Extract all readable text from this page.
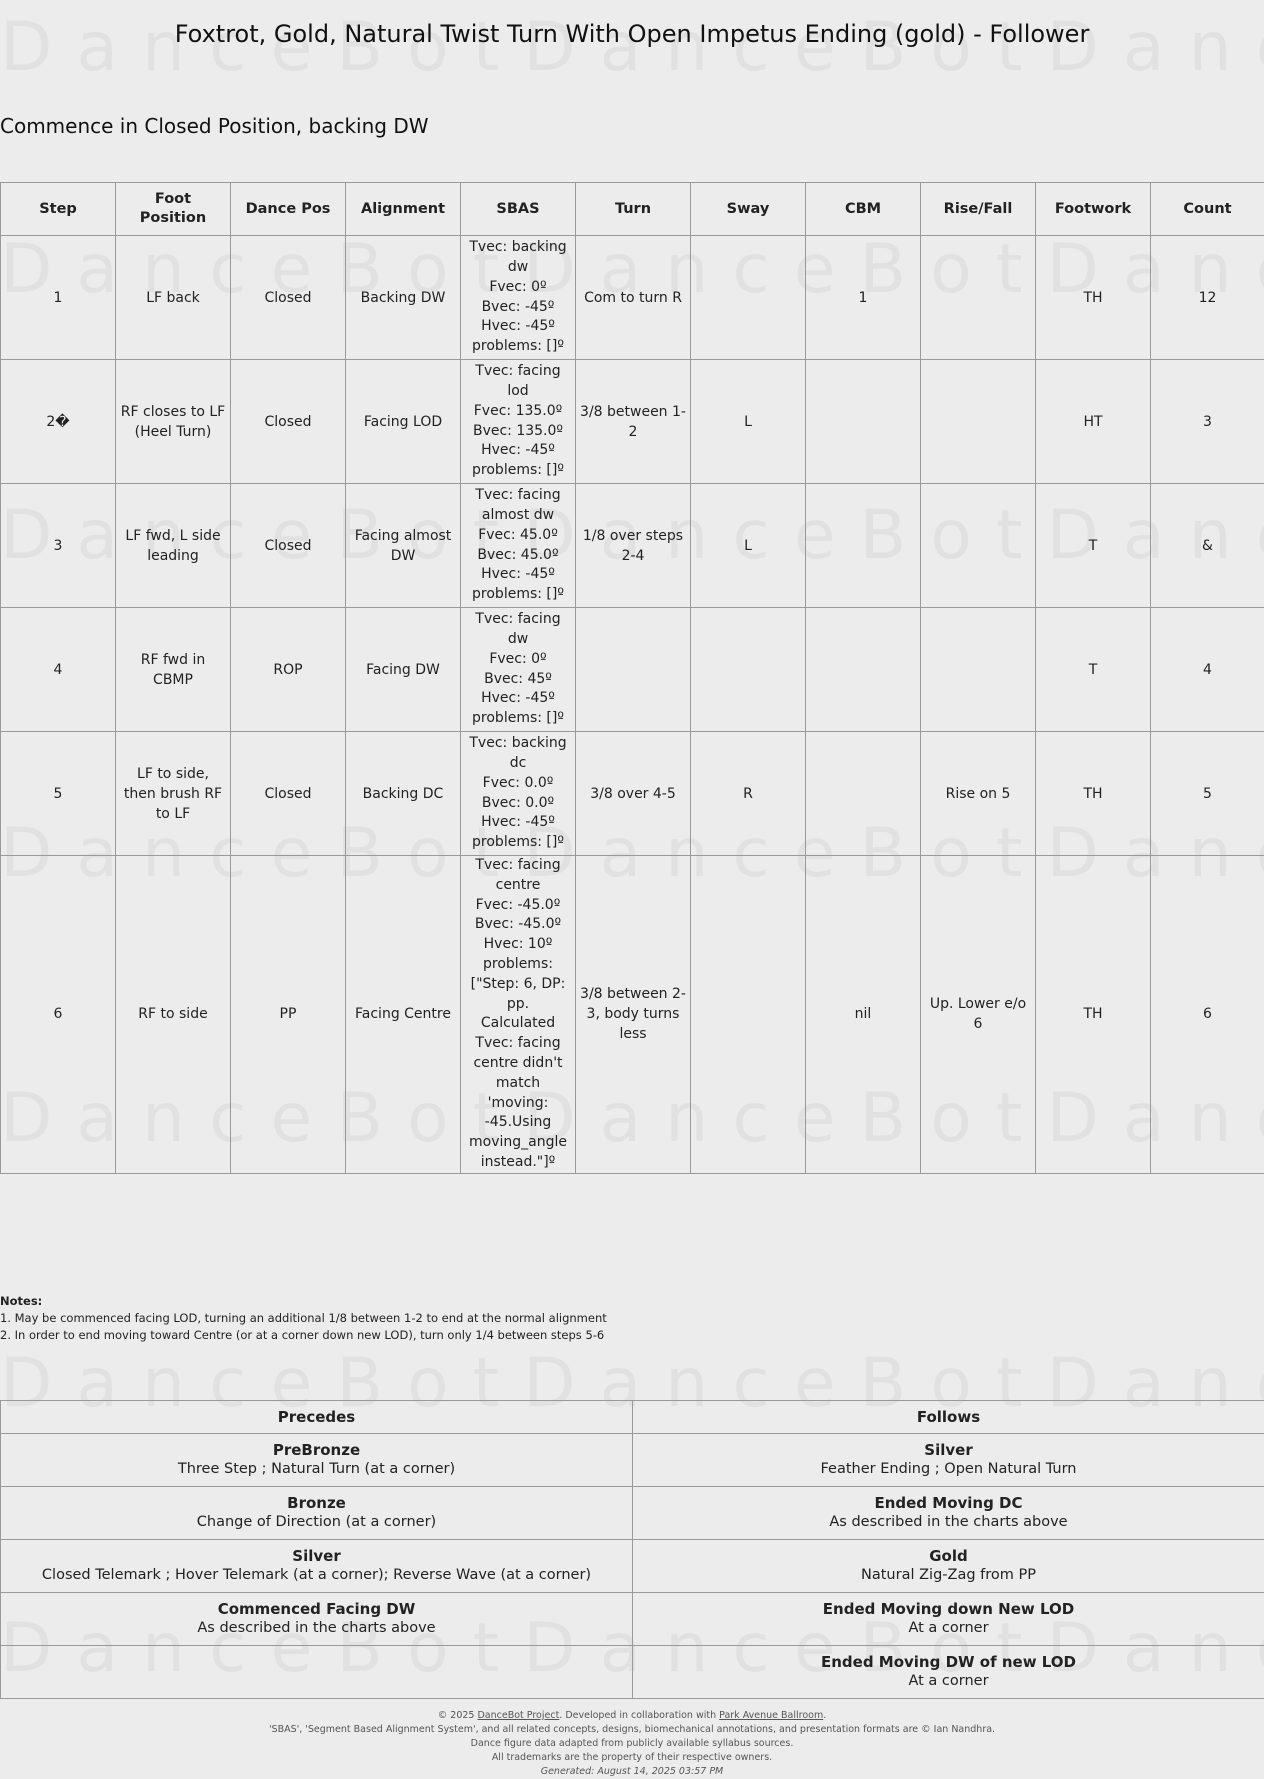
Foxtrot, Gold, Natural Twist Turn With Open Impetus Ending (gold) - Follower
Commence in Closed Position, backing DW
Step	Foot Position	Dance Pos	Alignment	SBAS	Turn	Sway	CBM	Rise/Fall	Footwork	Count
1	LF back	Closed	Backing DW	Tvec: backing dw
Fvec: 0º
Bvec: -45º
Hvec: -45º
problems: []º	Com to turn R		1		TH	12
2�	RF closes to LF (Heel Turn)	Closed	Facing LOD	Tvec: facing lod
Fvec: 135.0º
Bvec: 135.0º
Hvec: -45º
problems: []º	3/8 between 1-2	L			HT	3
3	LF fwd, L side leading	Closed	Facing almost DW	Tvec: facing almost dw
Fvec: 45.0º
Bvec: 45.0º
Hvec: -45º
problems: []º	1/8 over steps 2-4	L			T	&
4	RF fwd in CBMP	ROP	Facing DW	Tvec: facing dw
Fvec: 0º
Bvec: 45º
Hvec: -45º
problems: []º					T	4
5	LF to side, then brush RF to LF	Closed	Backing DC	Tvec: backing dc
Fvec: 0.0º
Bvec: 0.0º
Hvec: -45º
problems: []º	3/8 over 4-5	R		Rise on 5	TH	5
6	RF to side	PP	Facing Centre	Tvec: facing centre
Fvec: -45.0º
Bvec: -45.0º
Hvec: 10º
problems: ["Step: 6, DP: pp. Calculated Tvec: facing centre didn't match 'moving: -45.Using moving_angle instead."]º	3/8 between 2-3, body turns less		nil	Up. Lower e/o 6	TH	6
Notes:
1. May be commenced facing LOD, turning an additional 1/8 between 1-2 to end at the normal alignment
2. In order to end moving toward Centre (or at a corner down new LOD), turn only 1/4 between steps 5-6
Precedes	Follows

PreBronze
Three Step ; Natural Turn (at a corner)	Silver
Feather Ending ; Open Natural Turn

Bronze
Change of Direction (at a corner)	Ended Moving DC
As described in the charts above

Silver
Closed Telemark ; Hover Telemark (at a corner); Reverse Wave (at a corner)	Gold
Natural Zig-Zag from PP

Commenced Facing DW
As described in the charts above	Ended Moving down New LOD
At a corner

	Ended Moving DW of new LOD
At a corner
© 2025 DanceBot Project. Developed in collaboration with Park Avenue Ballroom.
'SBAS', 'Segment Based Alignment System', and all related concepts, designs, biomechanical annotations, and presentation formats are © Ian Nandhra.
Dance figure data adapted from publicly available syllabus sources.
All trademarks are the property of their respective owners.
Generated: August 14, 2025 03:57 PM
